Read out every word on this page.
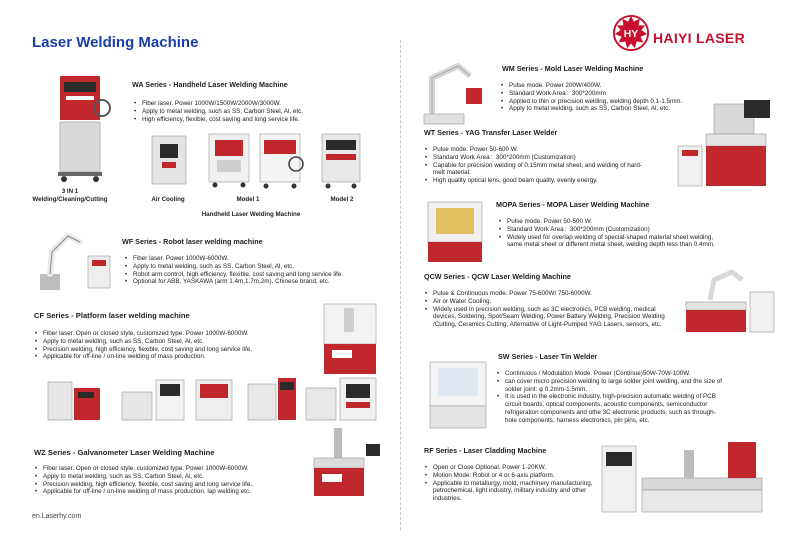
Laser Welding Machine	HY HAIYI LASER
3 IN 1
Welding/Cleaning/Cutting
WA Series - Handheld Laser Welding Machine
• Fiber laser. Power 1000W/1500W/2000W/3000W.
• Apply to metal welding, such as SS, Carbon Steel, Al, etc.
• High efficiency, flexible, cost saving and long service life.
Air Cooling	Model 1	Model 2
Handheld Laser Welding Machine
WF Series - Robot laser welding machine
• Fiber laser. Power 1000W-6000W.
• Apply to metal welding, such as SS, Carbon Steel, Al, etc.
• Robot arm control, high efficiency, flexible, cost saving and long service life.
• Optional for ABB, YASKAWA (arm 1.4m,1.7m,2m), Chinese brand, etc.
CF Series - Platform laser welding machine
• Fiber laser. Open or closed style, customized type. Power 1000W-6000W.
• Apply to metal welding, such as SS, Carbon Steel, Al, etc.
• Precision welding, high efficiency, flexible, cost saving and long service life.
• Applicable for off-line / on-line welding of mass production.
WZ Series - Galvanometer Laser Welding Machine
• Fiber laser. Open or closed style, customized type. Power 1000W-6000W.
• Apply to metal welding, such as SS, Carbon Steel, Al, etc.
• Precision welding, high efficiency, flexible, cost saving and long service life..
• Applicable for off-line / on-line welding of mass production, lap welding etc.
en.Laserhy.com
WM Series - Mold Laser Welding Machine
• Pulse mode. Power 200W/400W.
• Standard Work Area：300*200mm
• Applied to thin or precision welding, welding depth 0.1-1.5mm.
• Apply to metal welding, such as SS, Carbon Steel, Al, etc.
WT Series - YAG Transfer Laser Welder
• Pulse mode. Power 50-600 W.
• Standard Work Area：300*200mm (Customization)
• Capable for precision welding of 0.15mm metal sheet, and welding of hard-melt material.
• High quality optical lens, good beam quality, evenly energy.
MOPA Series - MOPA Laser Welding Machine
• Pulse mode. Power 50-500 W.
• Standard Work Area：300*200mm (Customization)
• Widely used for overlap welding of special-shaped material sheet welding, same metal sheet or different metal sheet, welding depth less than 0.4mm.
QCW Series - QCW Laser Welding Machine
• Pulse & Continuous mode. Power 75-600W/ 750-6000W.
• Air or Water Cooling.
• Widely used in precision welding, such as 3C electronics, PCB welding, medical devices, Soldering, Spot/Seam Welding, Power Battery Welding, Precision Welding /Cutting, Ceramics Cutting, Alternative of Light-Pumped YAG Lasers, sensors, etc.
SW Series - Laser Tin Welder
• Continuous / Modulation Mode. Power (Continue)50W-70W-100W.
• can cover micro precision welding to large solder joint welding, and the size of solder joint: φ 0.2mm-1.5mm.
• It is used in the electronic industry, high-precision automatic welding of PCB circuit boards, optical components, acoustic components, semiconductor refrigeration components and othe 3C electronic products, such as through-hole components, harness electronics, pin pins, etc.
RF Series - Laser Cladding Machine
• Open or Close Optional. Power 1-20KW.
• Motion Mode: Robot or 4 or 6-axis platform.
• Applicable to metallurgy, mold, machinery manufacturing, petrochemical, light industry, military industry and other industries.
